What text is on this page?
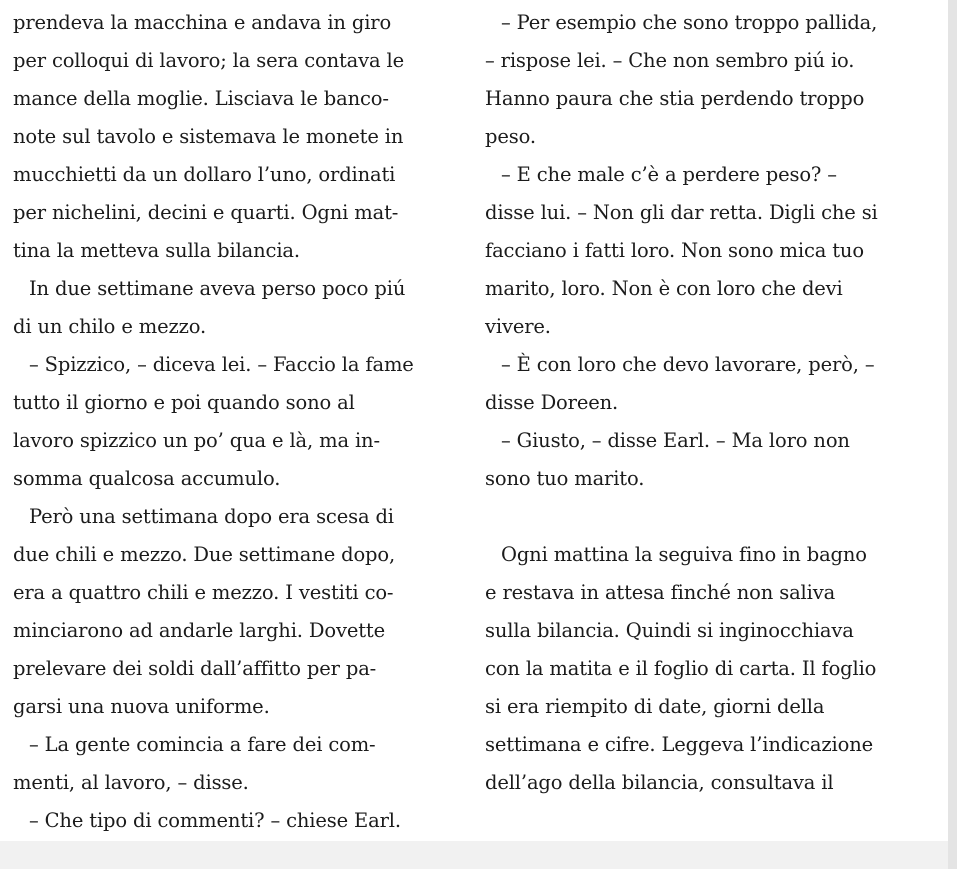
prendeva la macchina e andava in giro
per colloqui di lavoro; la sera contava le
mance della moglie. Lisciava le banco-
note sul tavolo e sistemava le monete in
mucchietti da un dollaro l’uno, ordinati
per nichelini, decini e quarti. Ogni mat-
tina la metteva sulla bilancia.
In due settimane aveva perso poco piú
di un chilo e mezzo.
– Spizzico, – diceva lei. – Faccio la fame
tutto il giorno e poi quando sono al
lavoro spizzico un po’ qua e là, ma in-
somma qualcosa accumulo.
Però una settimana dopo era scesa di
due chili e mezzo. Due settimane dopo,
era a quattro chili e mezzo. I vestiti co-
minciarono ad andarle larghi. Dovette
prelevare dei soldi dall’affitto per pa-
garsi una nuova uniforme.
– La gente comincia a fare dei com-
menti, al lavoro, – disse.
– Che tipo di commenti? – chiese Earl.
– Per esempio che sono troppo pallida,
– rispose lei. – Che non sembro piú io.
Hanno paura che stia perdendo troppo
peso.
– E che male c’è a perdere peso? –
disse lui. – Non gli dar retta. Digli che si
facciano i fatti loro. Non sono mica tuo
marito, loro. Non è con loro che devi
vivere.
– È con loro che devo lavorare, però, –
disse Doreen.
– Giusto, – disse Earl. – Ma loro non
sono tuo marito.
Ogni mattina la seguiva fino in bagno
e restava in attesa finché non saliva
sulla bilancia. Quindi si inginocchiava
con la matita e il foglio di carta. Il foglio
si era riempito di date, giorni della
settimana e cifre. Leggeva l’indicazione
dell’ago della bilancia, consultava il
